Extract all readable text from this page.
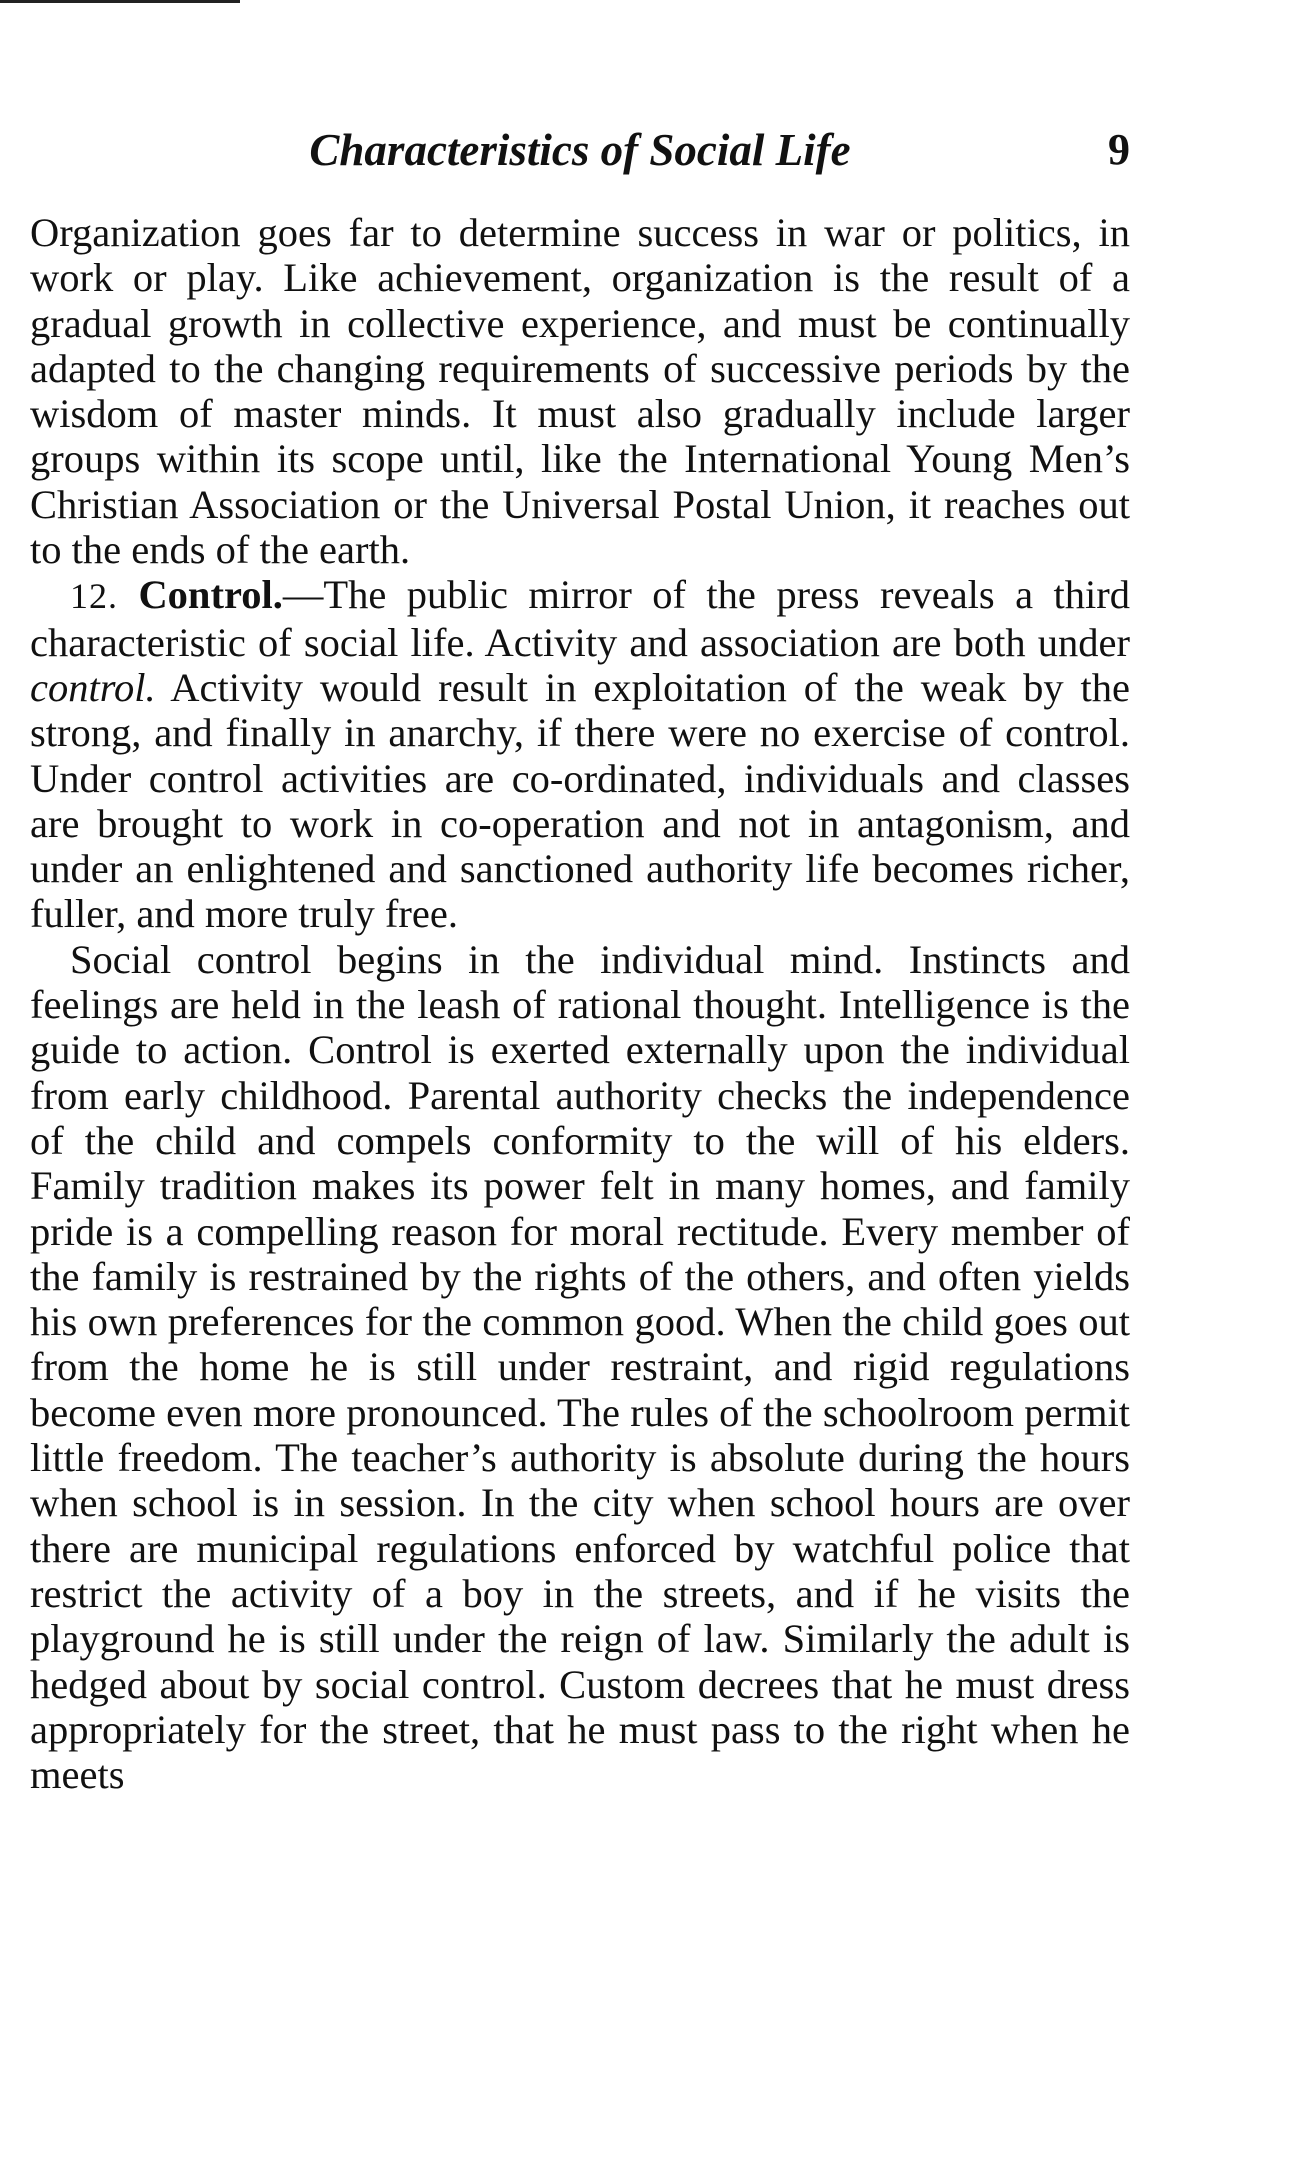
Characteristics of Social Life	9

Organization goes far to determine success in war or politics, in work or play. Like achievement, organization is the result of a gradual growth in collective experience, and must be continually adapted to the changing requirements of successive periods by the wisdom of master minds. It must also gradually include larger groups within its scope until, like the International Young Men’s Christian Association or the Universal Postal Union, it reaches out to the ends of the earth.

12. Control.—The public mirror of the press reveals a third characteristic of social life. Activity and association are both under control. Activity would result in exploitation of the weak by the strong, and finally in anarchy, if there were no exercise of control. Under control activities are co-ordinated, individuals and classes are brought to work in co-operation and not in antagonism, and under an enlightened and sanctioned authority life becomes richer, fuller, and more truly free.

Social control begins in the individual mind. Instincts and feelings are held in the leash of rational thought. Intelligence is the guide to action. Control is exerted externally upon the individual from early childhood. Parental authority checks the independence of the child and compels conformity to the will of his elders. Family tradition makes its power felt in many homes, and family pride is a compelling reason for moral rectitude. Every member of the family is restrained by the rights of the others, and often yields his own preferences for the common good. When the child goes out from the home he is still under restraint, and rigid regulations become even more pronounced. The rules of the schoolroom permit little freedom. The teacher’s authority is absolute during the hours when school is in session. In the city when school hours are over there are municipal regulations enforced by watchful police that restrict the activity of a boy in the streets, and if he visits the playground he is still under the reign of law. Similarly the adult is hedged about by social control. Custom decrees that he must dress appropriately for the street, that he must pass to the right when he meets
